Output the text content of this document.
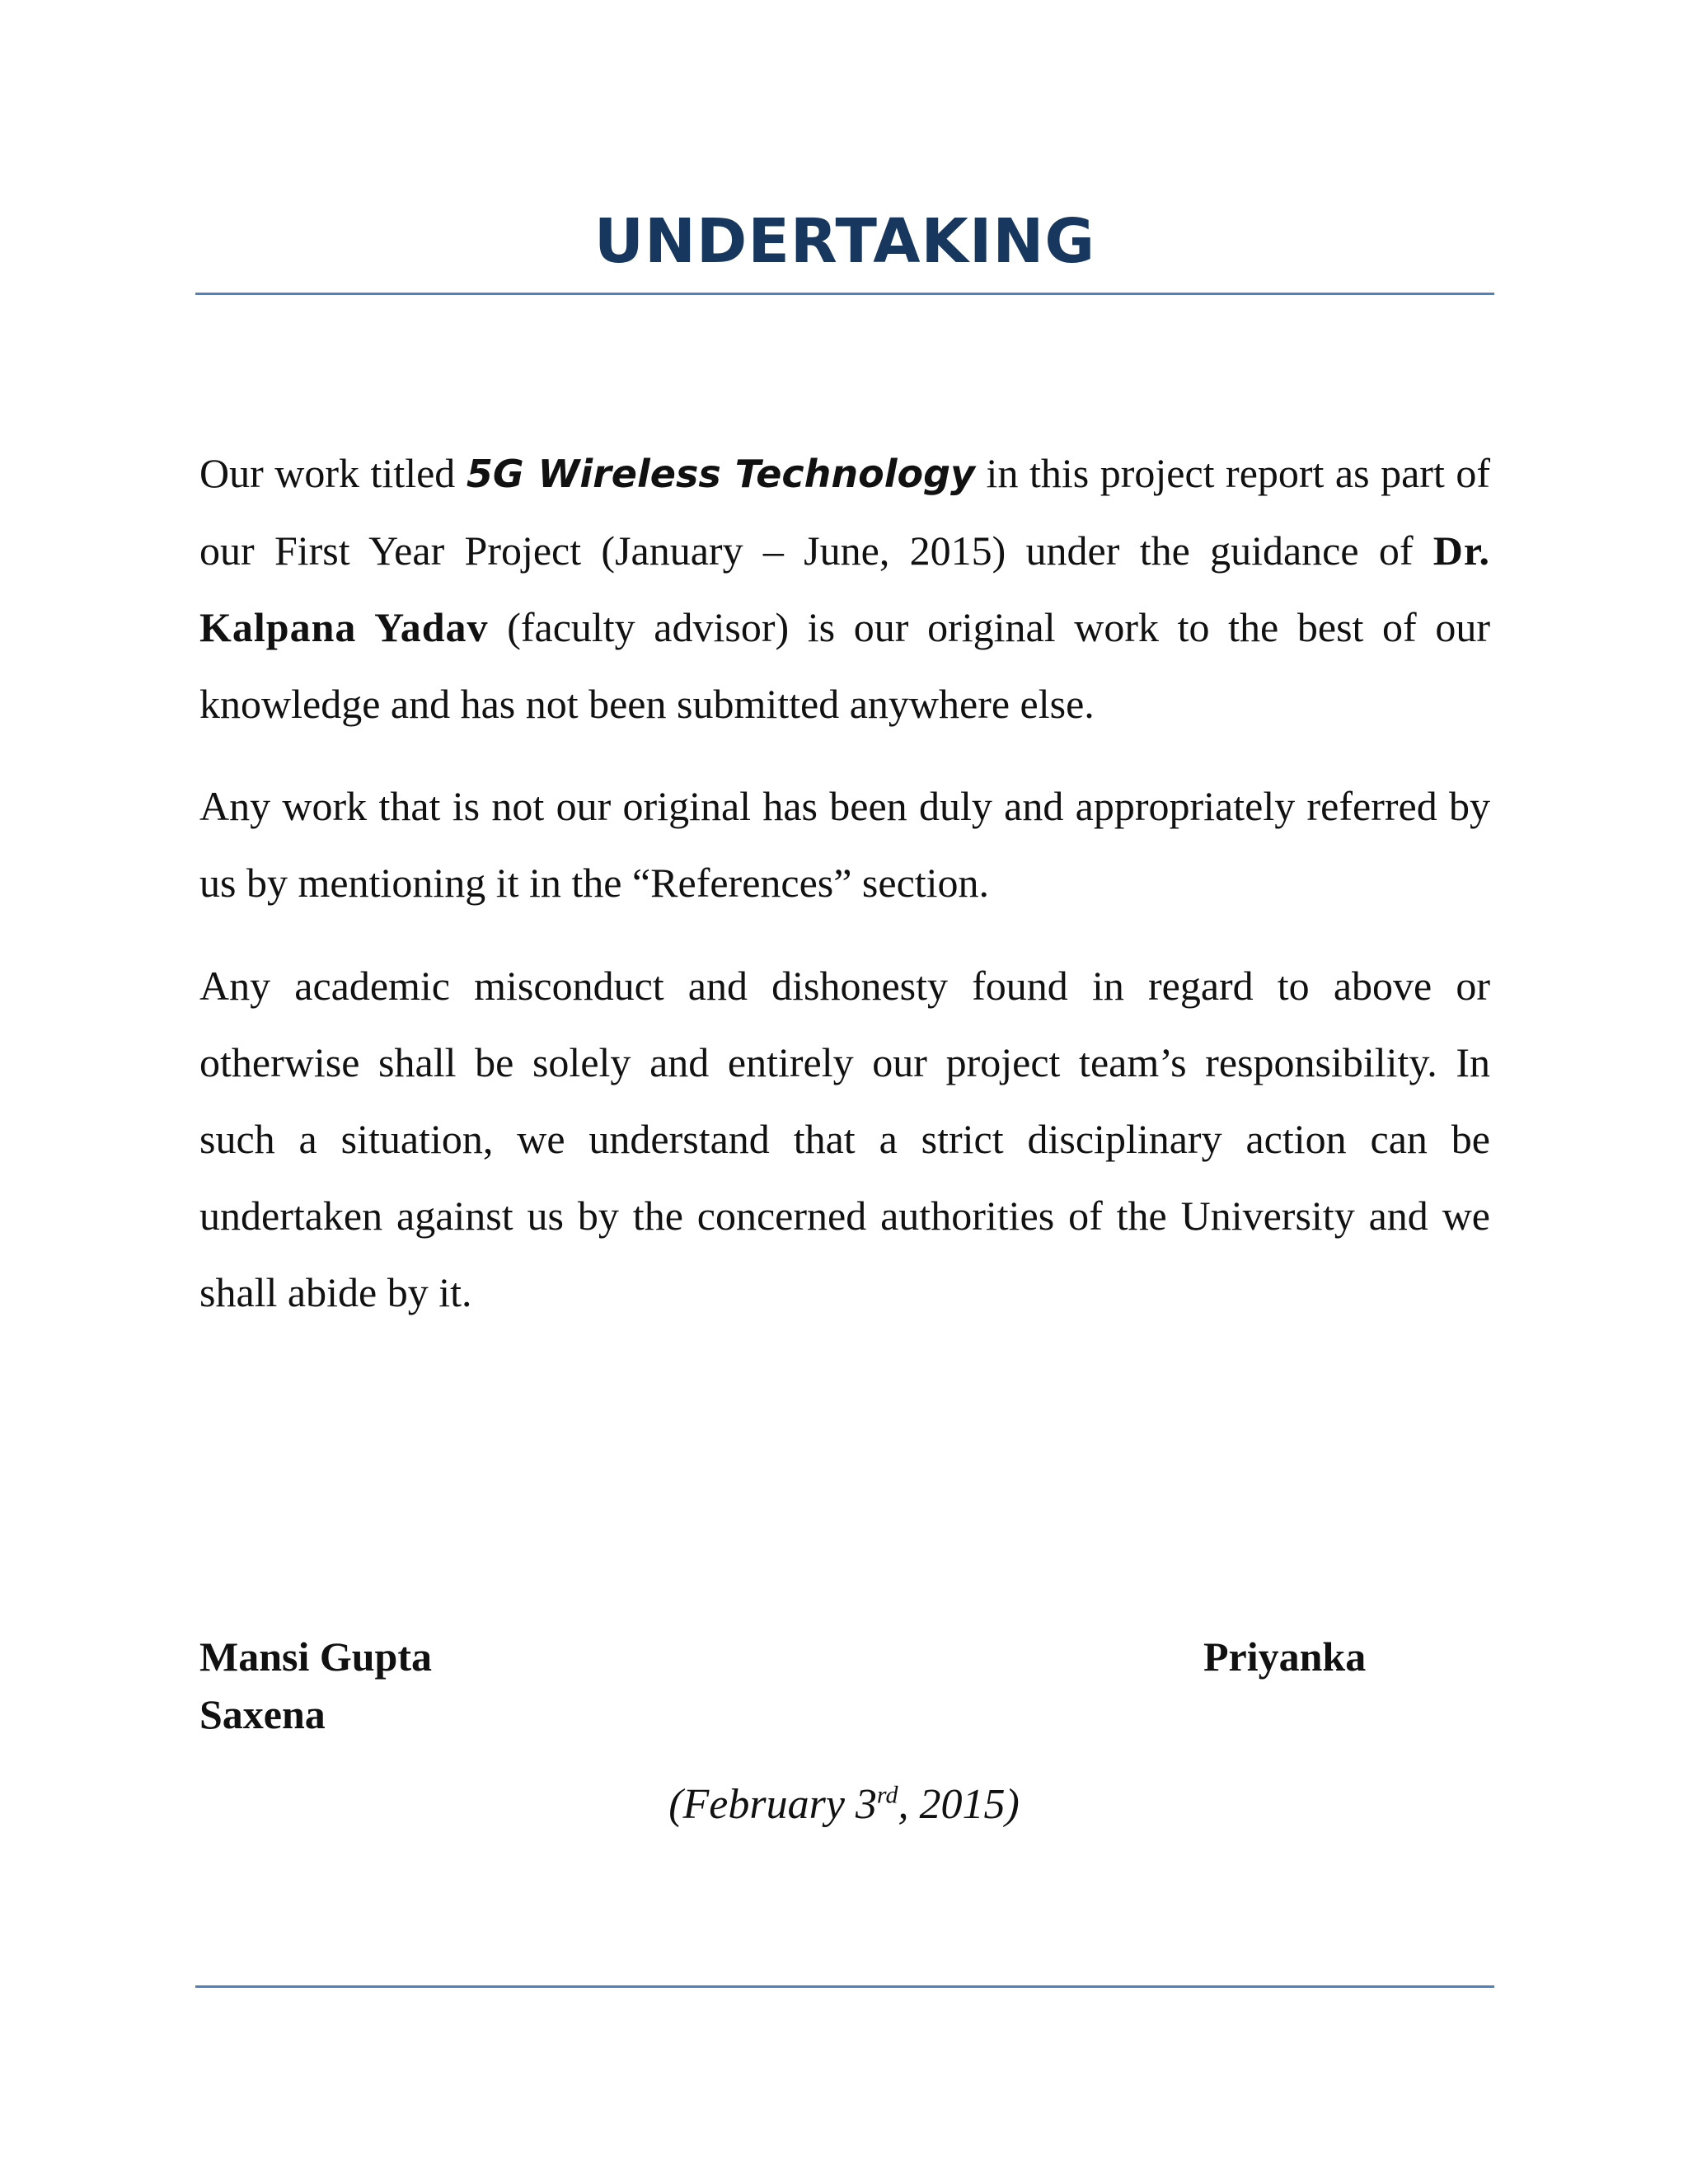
UNDERTAKING

Our work titled 5G Wireless Technology in this project report as part of our First Year Project (January – June, 2015) under the guidance of Dr. Kalpana Yadav (faculty advisor) is our original work to the best of our knowledge and has not been submitted anywhere else.

Any work that is not our original has been duly and appropriately referred by us by mentioning it in the “References” section.

Any academic misconduct and dishonesty found in regard to above or otherwise shall be solely and entirely our project team’s responsibility. In such a situation, we understand that a strict disciplinary action can be undertaken against us by the concerned authorities of the University and we shall abide by it.

Mansi Gupta	Priyanka
Saxena
(February 3rd, 2015)
